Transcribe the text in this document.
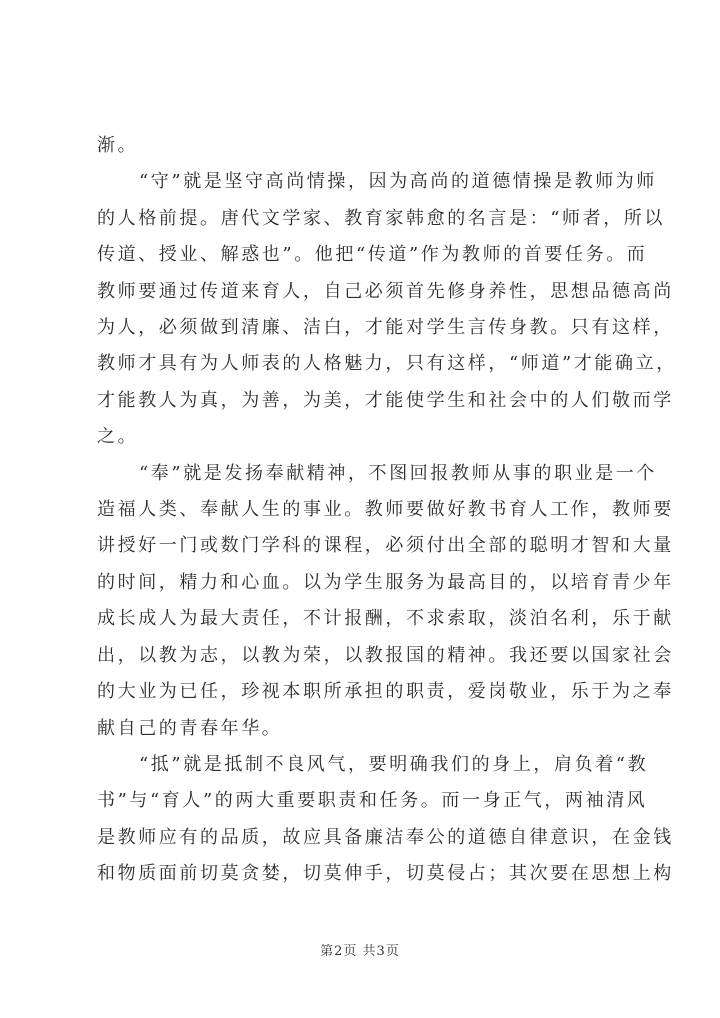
渐。

“守”就是坚守高尚情操，因为高尚的道德情操是教师为师
的人格前提。唐代文学家、教育家韩愈的名言是：“师者，所以
传道、授业、解惑也”。他把“传道”作为教师的首要任务。而
教师要通过传道来育人，自己必须首先修身养性，思想品德高尚
为人，必须做到清廉、洁白，才能对学生言传身教。只有这样，
教师才具有为人师表的人格魅力，只有这样，“师道”才能确立，
才能教人为真，为善，为美，才能使学生和社会中的人们敬而学
之。

“奉”就是发扬奉献精神，不图回报教师从事的职业是一个
造福人类、奉献人生的事业。教师要做好教书育人工作，教师要
讲授好一门或数门学科的课程，必须付出全部的聪明才智和大量
的时间，精力和心血。以为学生服务为最高目的，以培育青少年
成长成人为最大责任，不计报酬，不求索取，淡泊名利，乐于献
出，以教为志，以教为荣，以教报国的精神。我还要以国家社会
的大业为已任，珍视本职所承担的职责，爱岗敬业，乐于为之奉
献自己的青春年华。

“抵”就是抵制不良风气，要明确我们的身上，肩负着“教
书”与“育人”的两大重要职责和任务。而一身正气，两袖清风
是教师应有的品质，故应具备廉洁奉公的道德自律意识，在金钱
和物质面前切莫贪婪，切莫伸手，切莫侵占；其次要在思想上构

第2页 共3页
